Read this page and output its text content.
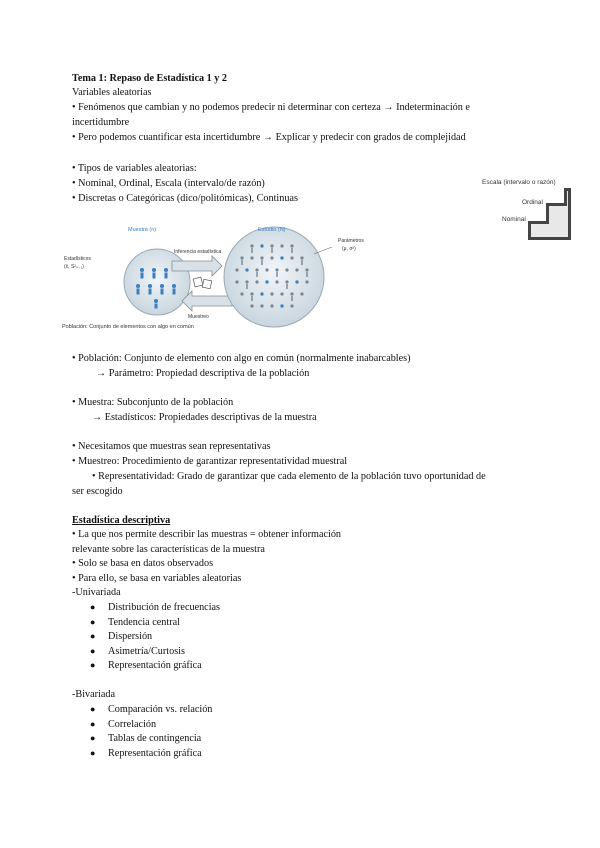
Tema 1: Repaso de Estadística 1 y 2
Variables aleatorias
• Fenómenos que cambian y no podemos predecir ni determinar con certeza → Indeterminación e
incertidumbre
• Pero podemos cuantificar esta incertidumbre → Explicar y predecir con grados de complejidad
• Tipos de variables aleatorias:
• Nominal, Ordinal, Escala (intervalo/de razón)
• Discretas o Categóricas (dico/politómicas), Continuas
Escala (intervalo o razón)
Ordinal
Nominal
Muestra (n)
Estadísticos
(x̄, S²ₙ₋₁)
Inferencia estadística
Muestreo
Estudio (N)
Parámetros
(μ, σ²)
Población: Conjunto de elementos con algo en común
• Población: Conjunto de elemento con algo en común (normalmente inabarcables)
→ Parámetro: Propiedad descriptiva de la población
• Muestra: Subconjunto de la población
→ Estadísticos: Propiedades descriptivas de la muestra
• Necesitamos que muestras sean representativas
• Muestreo: Procedimiento de garantizar representatividad muestral
• Representatividad: Grado de garantizar que cada elemento de la población tuvo oportunidad de
ser escogido
Estadística descriptiva
• La que nos permite describir las muestras = obtener información
relevante sobre las características de la muestra
• Solo se basa en datos observados
• Para ello, se basa en variables aleatorias
-Univariada
● Distribución de frecuencias
● Tendencia central
● Dispersión
● Asimetría/Curtosis
● Representación gráfica
-Bivariada
● Comparación vs. relación
● Correlación
● Tablas de contingencia
● Representación gráfica
